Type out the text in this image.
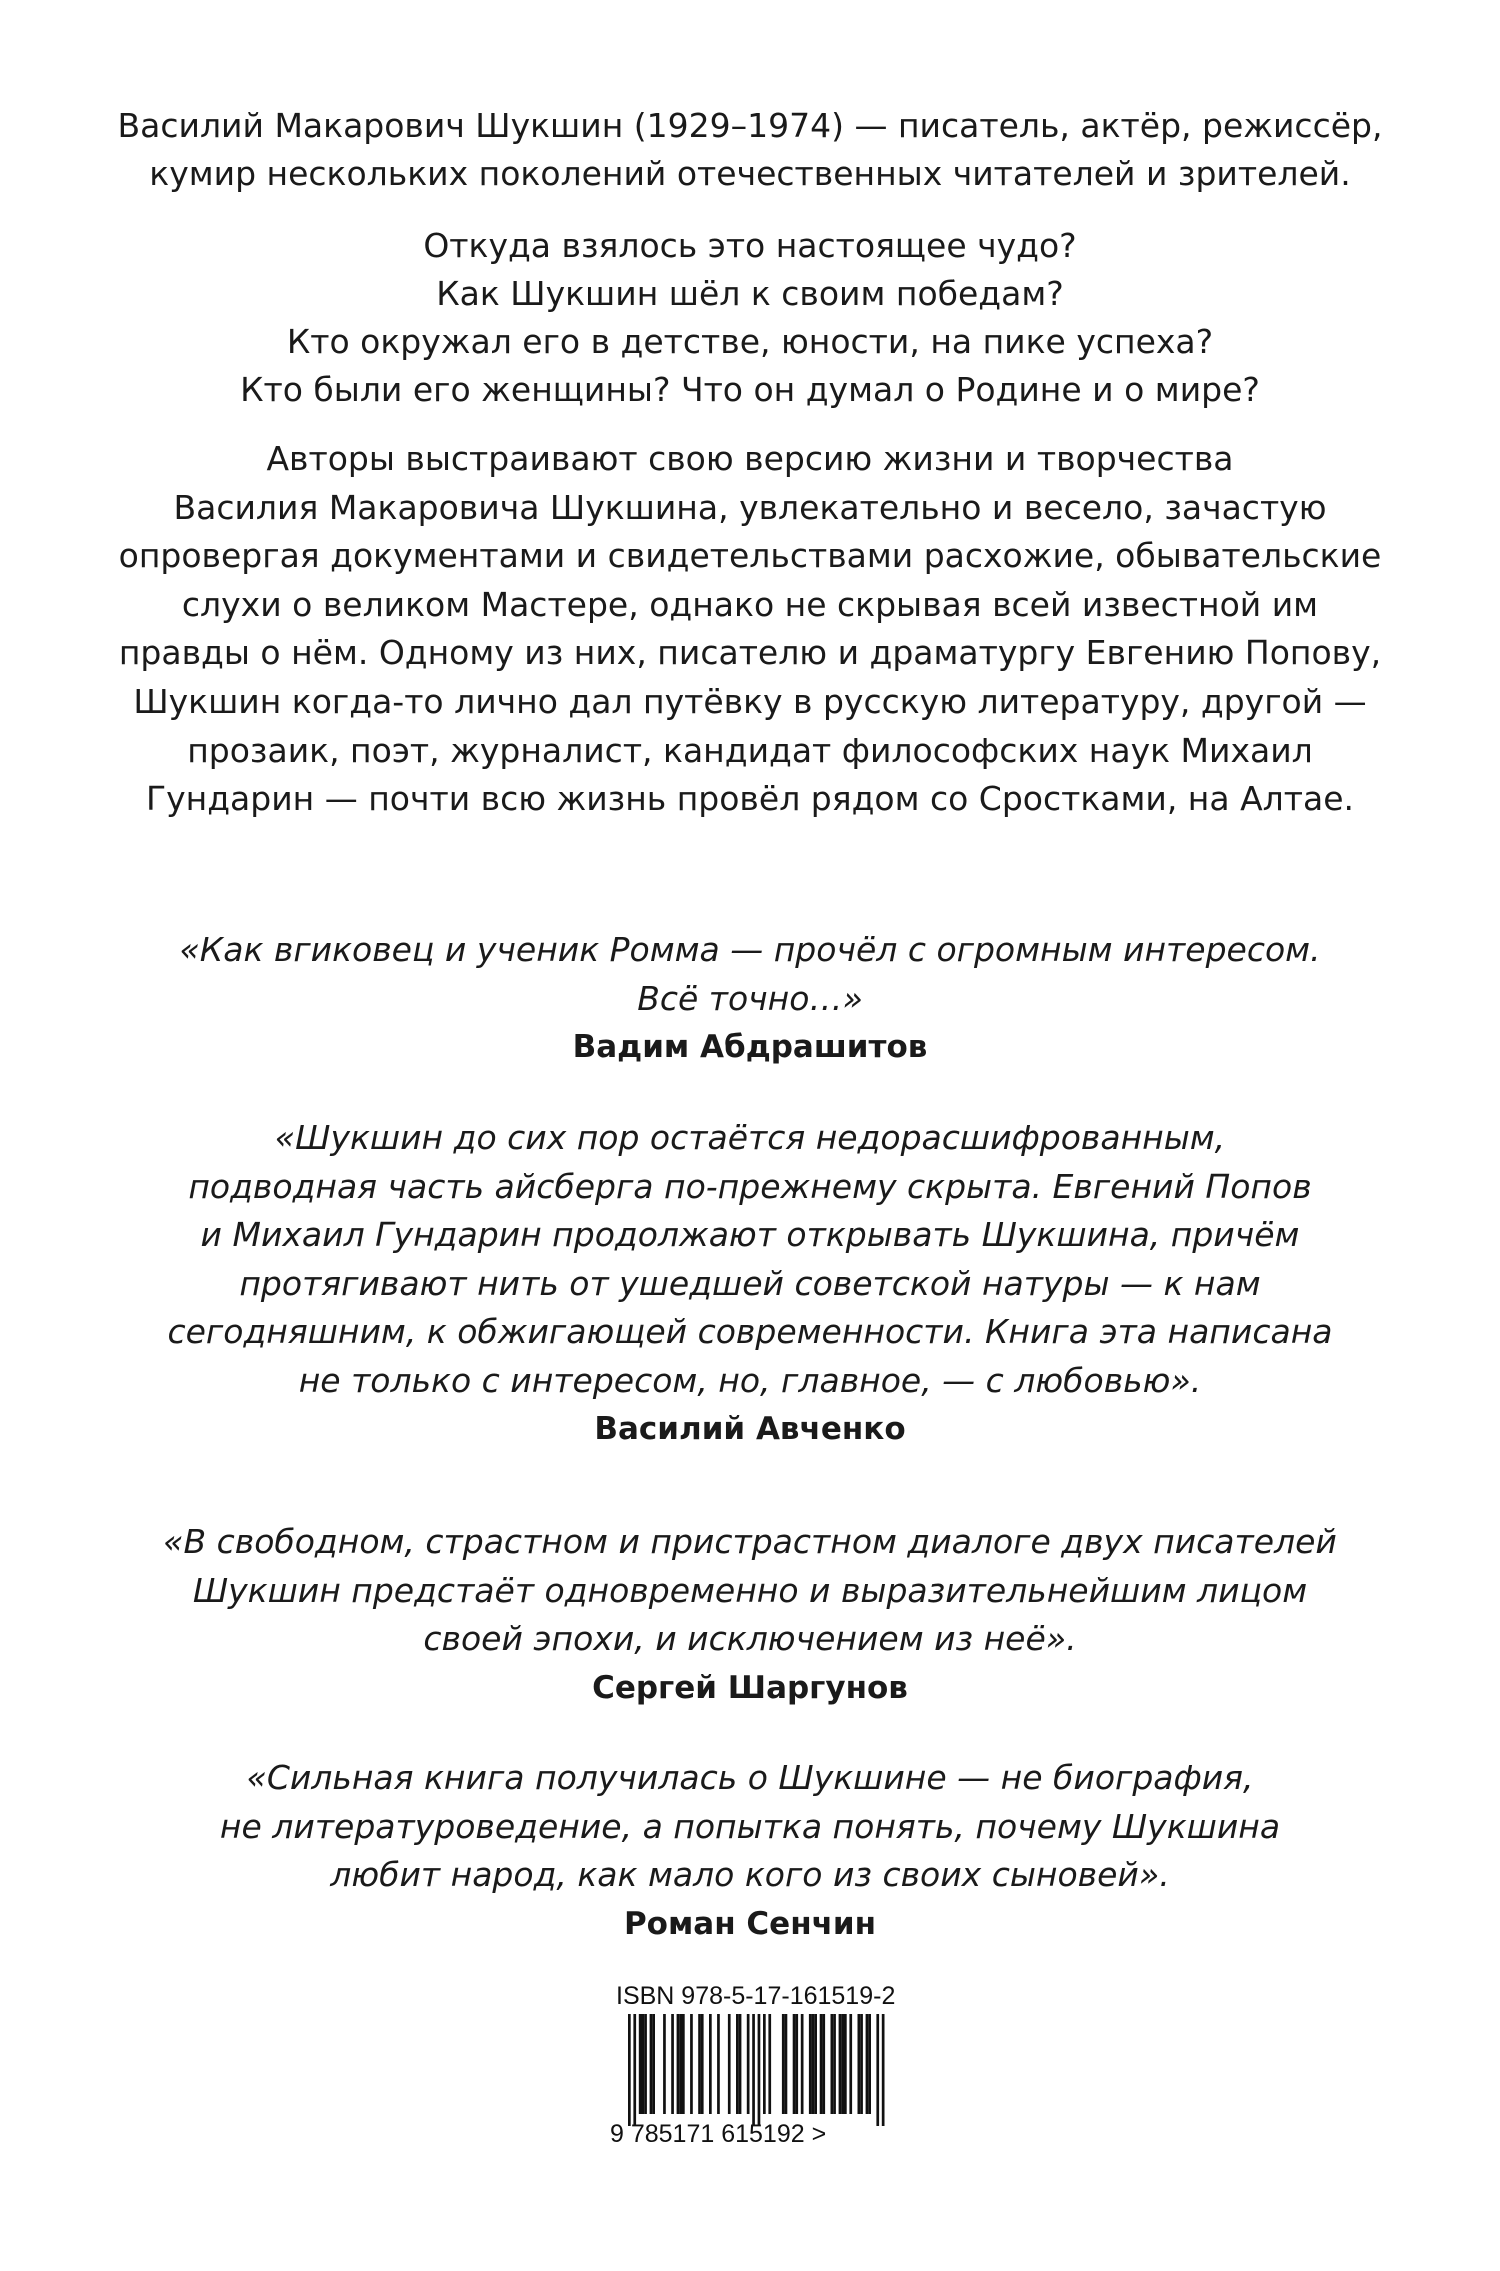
Василий Макарович Шукшин (1929–1974) — писатель, актёр, режиссёр,
кумир нескольких поколений отечественных читателей и зрителей.

Откуда взялось это настоящее чудо?
Как Шукшин шёл к своим победам?
Кто окружал его в детстве, юности, на пике успеха?
Кто были его женщины? Что он думал о Родине и о мире?

Авторы выстраивают свою версию жизни и творчества
Василия Макаровича Шукшина, увлекательно и весело, зачастую
опровергая документами и свидетельствами расхожие, обывательские
слухи о великом Мастере, однако не скрывая всей известной им
правды о нём. Одному из них, писателю и драматургу Евгению Попову,
Шукшин когда-то лично дал путёвку в русскую литературу, другой —
прозаик, поэт, журналист, кандидат философских наук Михаил
Гундарин — почти всю жизнь провёл рядом со Сростками, на Алтае.

«Как вгиковец и ученик Ромма — прочёл с огромным интересом.
Всё точно…»
Вадим Абдрашитов
«Шукшин до сих пор остаётся недорасшифрованным,
подводная часть айсберга по-прежнему скрыта. Евгений Попов
и Михаил Гундарин продолжают открывать Шукшина, причём
протягивают нить от ушедшей советской натуры — к нам
сегодняшним, к обжигающей современности. Книга эта написана
не только с интересом, но, главное, — с любовью».
Василий Авченко
«В свободном, страстном и пристрастном диалоге двух писателей
Шукшин предстаёт одновременно и выразительнейшим лицом
своей эпохи, и исключением из неё».
Сергей Шаргунов
«Сильная книга получилась о Шукшине — не биография,
не литературоведение, а попытка понять, почему Шукшина
любит народ, как мало кого из своих сыновей».
Роман Сенчин
ISBN 978-5-17-161519-2
9 785171 615192 >
